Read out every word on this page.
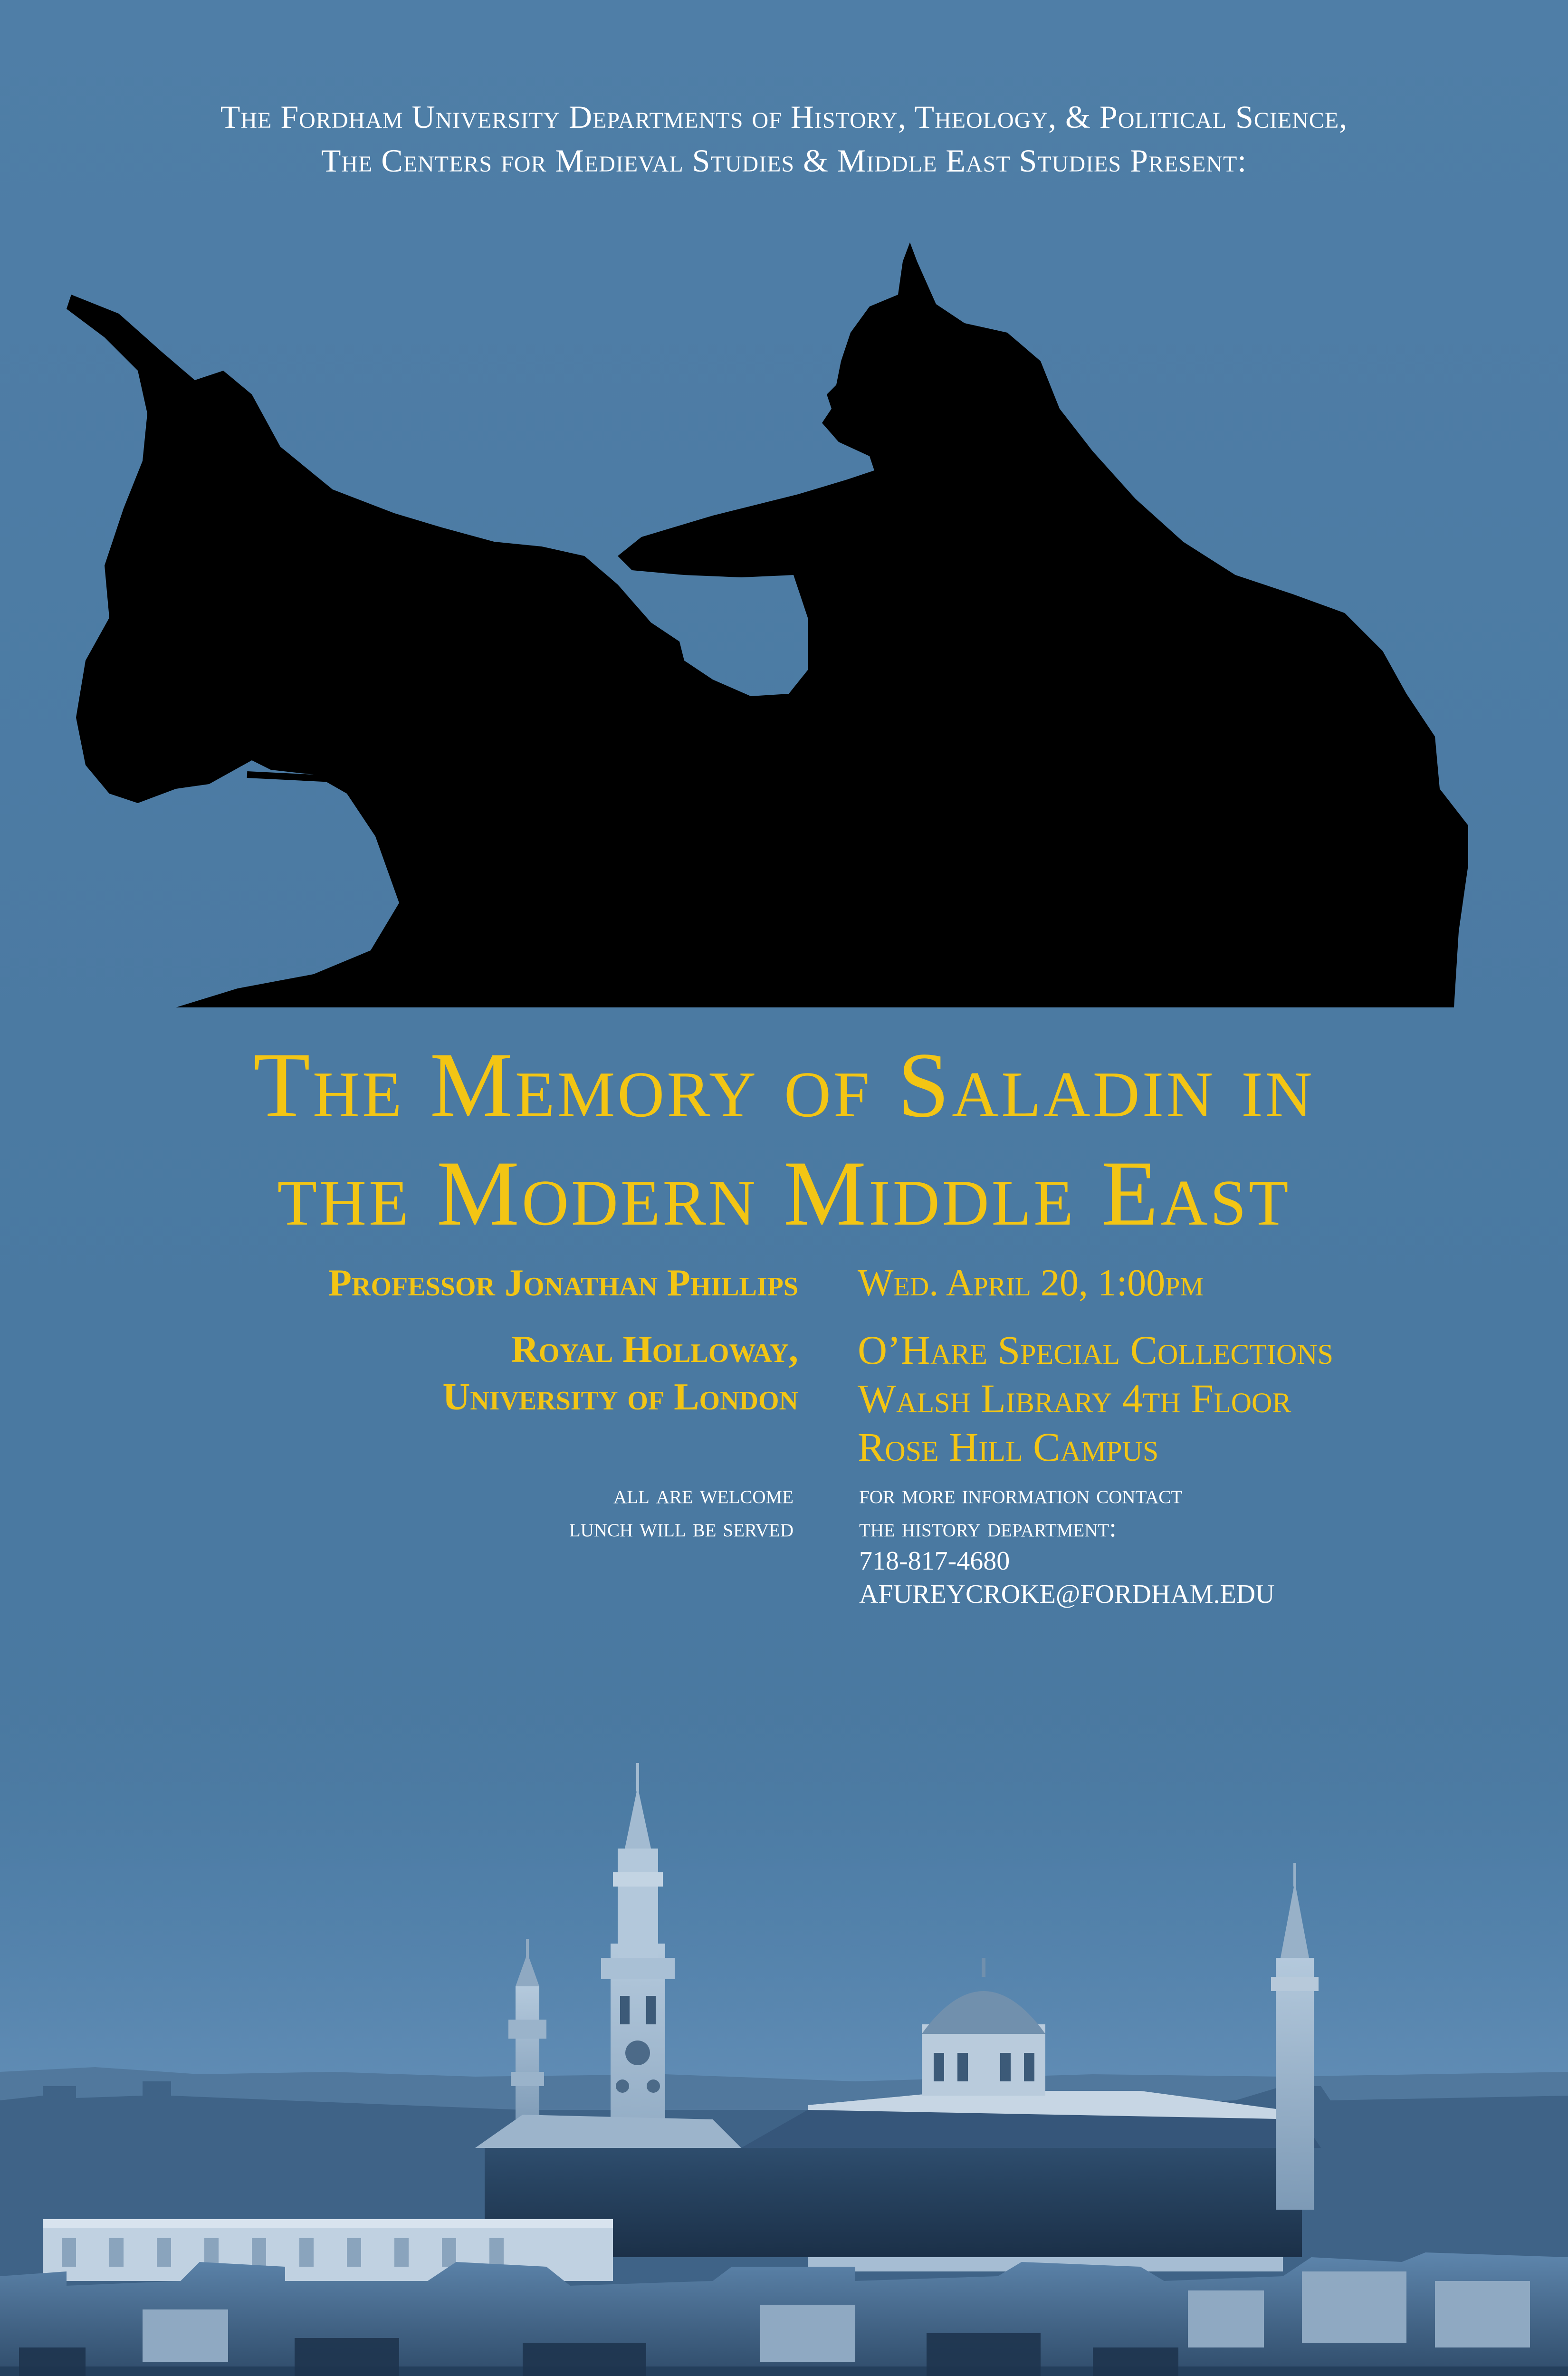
The Fordham University Departments of History, Theology, & Political Science,
The Centers for Medieval Studies & Middle East Studies Present:
The Memory of Saladin in
the Modern Middle East
Professor Jonathan Phillips
Royal Holloway,
University of London
all are welcome
lunch will be served
Wed. April 20, 1:00pm
O’Hare Special Collections
Walsh Library 4th Floor
Rose Hill Campus
for more information contact
the history department:
718-817-4680
AFUREYCROKE@FORDHAM.EDU
